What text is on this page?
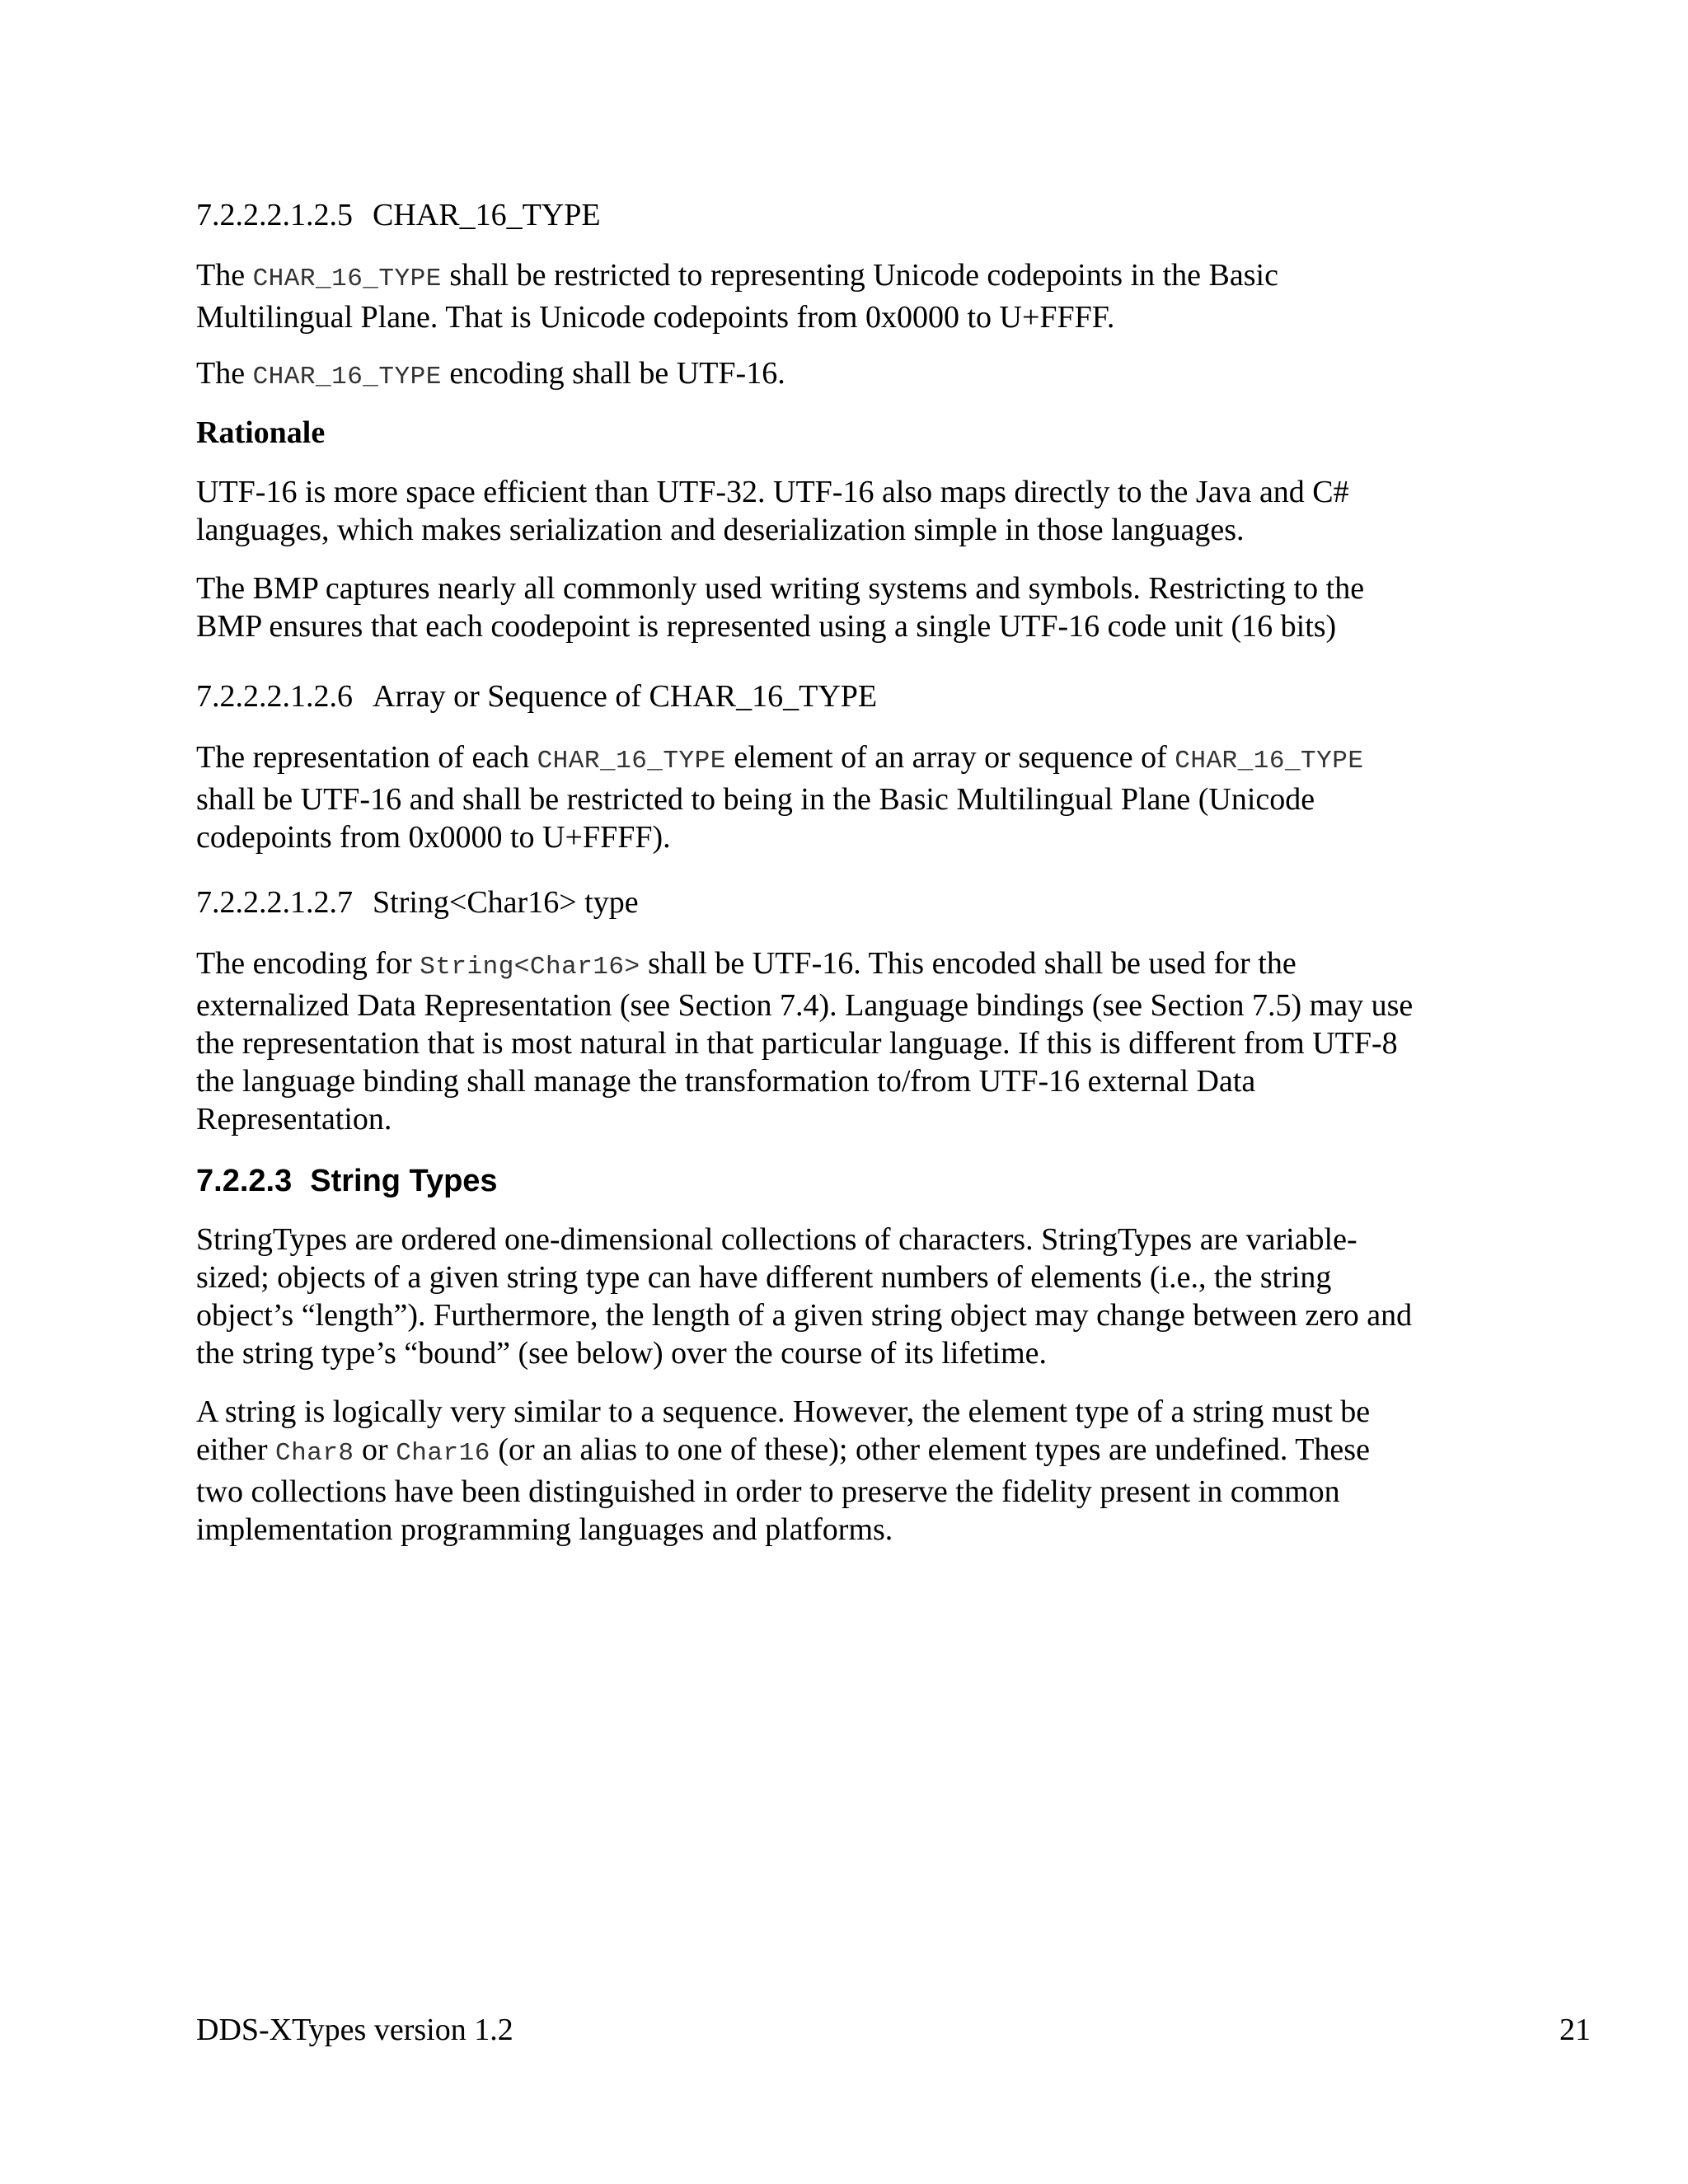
7.2.2.2.1.2.5 CHAR_16_TYPE
The CHAR_16_TYPE shall be restricted to representing Unicode codepoints in the Basic
Multilingual Plane. That is Unicode codepoints from 0x0000 to U+FFFF.
The CHAR_16_TYPE encoding shall be UTF-16.
Rationale
UTF-16 is more space efficient than UTF-32. UTF-16 also maps directly to the Java and C#
languages, which makes serialization and deserialization simple in those languages.
The BMP captures nearly all commonly used writing systems and symbols. Restricting to the
BMP ensures that each coodepoint is represented using a single UTF-16 code unit (16 bits)
7.2.2.2.1.2.6 Array or Sequence of CHAR_16_TYPE
The representation of each CHAR_16_TYPE element of an array or sequence of CHAR_16_TYPE
shall be UTF-16 and shall be restricted to being in the Basic Multilingual Plane (Unicode
codepoints from 0x0000 to U+FFFF).
7.2.2.2.1.2.7 String<Char16> type
The encoding for String<Char16> shall be UTF-16. This encoded shall be used for the
externalized Data Representation (see Section 7.4). Language bindings (see Section 7.5) may use
the representation that is most natural in that particular language. If this is different from UTF-8
the language binding shall manage the transformation to/from UTF-16 external Data
Representation.
7.2.2.3 String Types
StringTypes are ordered one-dimensional collections of characters. StringTypes are variable-
sized; objects of a given string type can have different numbers of elements (i.e., the string
object’s “length”). Furthermore, the length of a given string object may change between zero and
the string type’s “bound” (see below) over the course of its lifetime.
A string is logically very similar to a sequence. However, the element type of a string must be
either Char8 or Char16 (or an alias to one of these); other element types are undefined. These
two collections have been distinguished in order to preserve the fidelity present in common
implementation programming languages and platforms.
DDS-XTypes version 1.2	21
